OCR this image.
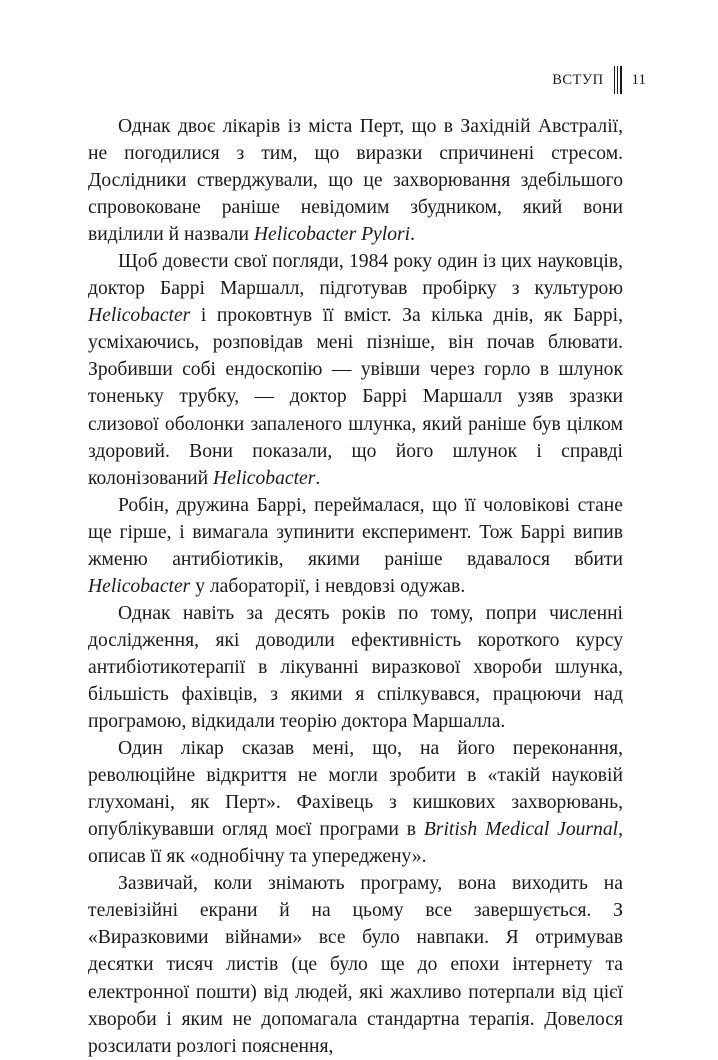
ВСТУП 11

Однак двоє лікарів із міста Перт, що в Західній Австралії, не погодилися з тим, що виразки спричинені стресом. Дослідники стверджували, що це захворювання здебільшого спровоковане раніше невідомим збудником, який вони виділили й назвали Helicobacter Pylori.

Щоб довести свої погляди, 1984 року один із цих науковців, доктор Баррі Маршалл, підготував пробірку з культурою Helicobacter і проковтнув її вміст. За кілька днів, як Баррі, усміхаючись, розповідав мені пізніше, він почав блювати. Зробивши собі ендоскопію — увівши через горло в шлунок тоненьку трубку, — доктор Баррі Маршалл узяв зразки слизової оболонки запаленого шлунка, який раніше був цілком здоровий. Вони показали, що його шлунок і справді колонізований Helicobacter.

Робін, дружина Баррі, переймалася, що її чоловікові стане ще гірше, і вимагала зупинити експеримент. Тож Баррі випив жменю антибіотиків, якими раніше вдавалося вбити Helicobacter у лабораторії, і невдовзі одужав.

Однак навіть за десять років по тому, попри численні дослідження, які доводили ефективність короткого курсу антибіотикотерапії в лікуванні виразкової хвороби шлунка, більшість фахівців, з якими я спілкувався, працюючи над програмою, відкидали теорію доктора Маршалла.

Один лікар сказав мені, що, на його переконання, революційне відкриття не могли зробити в «такій науковій глухомані, як Перт». Фахівець з кишкових захворювань, опублікувавши огляд моєї програми в British Medical Journal, описав її як «однобічну та упереджену».

Зазвичай, коли знімають програму, вона виходить на телевізійні екрани й на цьому все завершується. З «Виразковими війнами» все було навпаки. Я отримував десятки тисяч листів (це було ще до епохи інтернету та електронної пошти) від людей, які жахливо потерпали від цієї хвороби і яким не допомагала стандартна терапія. Довелося розсилати розлогі пояснення,
